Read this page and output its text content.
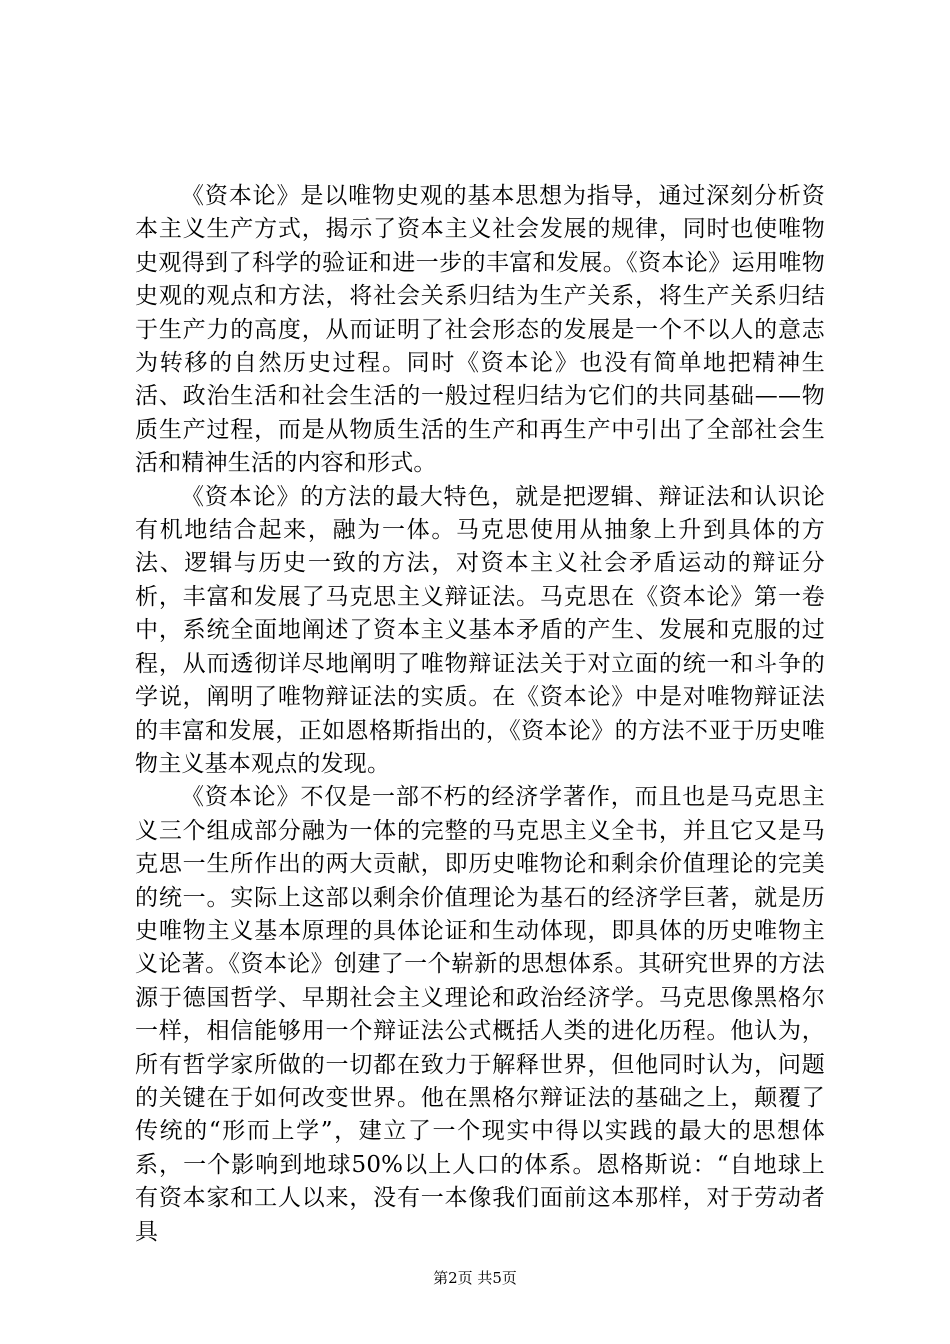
《资本论》是以唯物史观的基本思想为指导，通过深刻分析资本主义生产方式，揭示了资本主义社会发展的规律，同时也使唯物史观得到了科学的验证和进一步的丰富和发展。《资本论》运用唯物史观的观点和方法，将社会关系归结为生产关系，将生产关系归结于生产力的高度，从而证明了社会形态的发展是一个不以人的意志为转移的自然历史过程。同时《资本论》也没有简单地把精神生活、政治生活和社会生活的一般过程归结为它们的共同基础——物质生产过程，而是从物质生活的生产和再生产中引出了全部社会生活和精神生活的内容和形式。

《资本论》的方法的最大特色，就是把逻辑、辩证法和认识论有机地结合起来，融为一体。马克思使用从抽象上升到具体的方法、逻辑与历史一致的方法，对资本主义社会矛盾运动的辩证分析，丰富和发展了马克思主义辩证法。马克思在《资本论》第一卷中，系统全面地阐述了资本主义基本矛盾的产生、发展和克服的过程，从而透彻详尽地阐明了唯物辩证法关于对立面的统一和斗争的学说，阐明了唯物辩证法的实质。在《资本论》中是对唯物辩证法的丰富和发展，正如恩格斯指出的，《资本论》的方法不亚于历史唯物主义基本观点的发现。

《资本论》不仅是一部不朽的经济学著作，而且也是马克思主义三个组成部分融为一体的完整的马克思主义全书，并且它又是马克思一生所作出的两大贡献，即历史唯物论和剩余价值理论的完美的统一。实际上这部以剩余价值理论为基石的经济学巨著，就是历史唯物主义基本原理的具体论证和生动体现，即具体的历史唯物主义论著。《资本论》创建了一个崭新的思想体系。其研究世界的方法源于德国哲学、早期社会主义理论和政治经济学。马克思像黑格尔一样，相信能够用一个辩证法公式概括人类的进化历程。他认为，所有哲学家所做的一切都在致力于解释世界，但他同时认为，问题的关键在于如何改变世界。他在黑格尔辩证法的基础之上，颠覆了传统的“形而上学”，建立了一个现实中得以实践的最大的思想体系，一个影响到地球50%以上人口的体系。恩格斯说：“自地球上有资本家和工人以来，没有一本像我们面前这本那样，对于劳动者具

第2页 共5页
